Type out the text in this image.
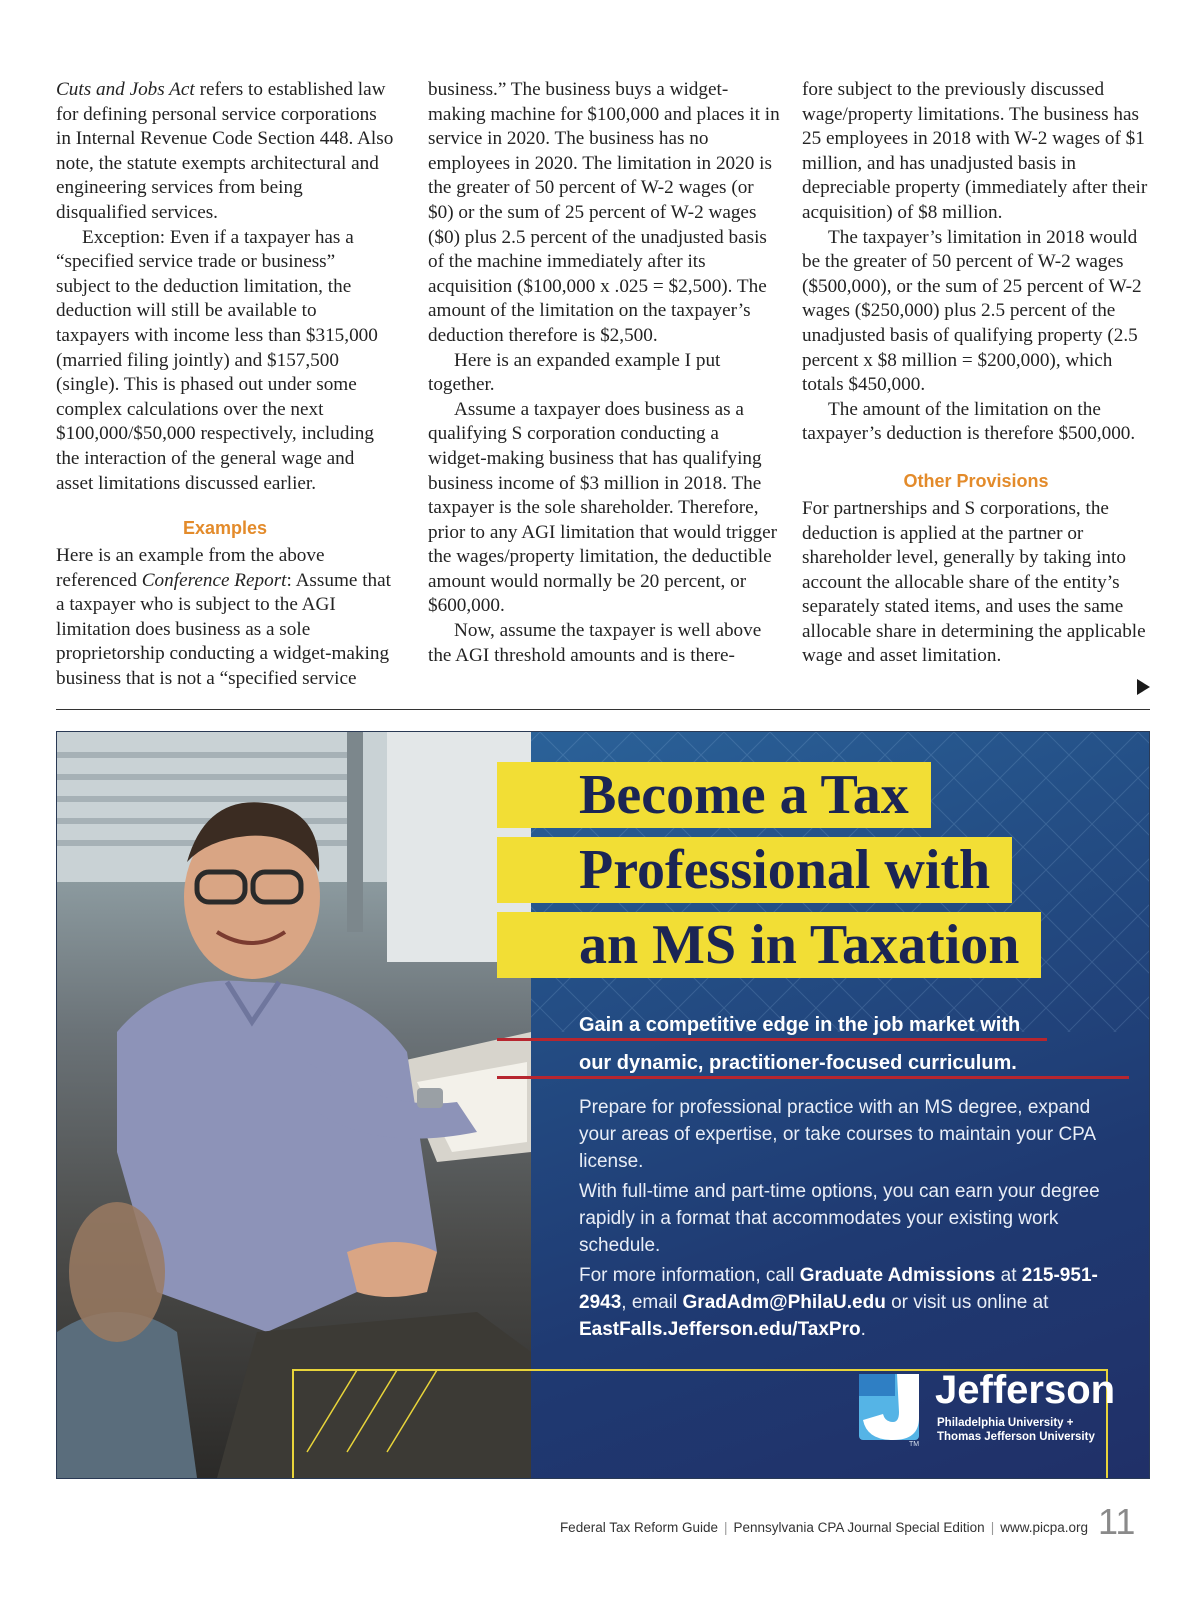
Cuts and Jobs Act refers to established law for defining personal service corporations in Internal Revenue Code Section 448. Also note, the statute exempts architectural and engineering services from being disqualified services.

Exception: Even if a taxpayer has a “specified service trade or business” subject to the deduction limitation, the deduction will still be available to taxpayers with income less than $315,000 (married filing jointly) and $157,500 (single). This is phased out under some complex calculations over the next $100,000/$50,000 respectively, including the interaction of the general wage and asset limitations discussed earlier.

Examples

Here is an example from the above referenced Conference Report: Assume that a taxpayer who is subject to the AGI limitation does business as a sole proprietorship conducting a widget-making business that is not a “specified service

business.” The business buys a widget-making machine for $100,000 and places it in service in 2020. The business has no employees in 2020. The limitation in 2020 is the greater of 50 percent of W-2 wages (or $0) or the sum of 25 percent of W-2 wages ($0) plus 2.5 percent of the unadjusted basis of the machine immediately after its acquisition ($100,000 x .025 = $2,500). The amount of the limitation on the taxpayer’s deduction therefore is $2,500.

Here is an expanded example I put together.

Assume a taxpayer does business as a qualifying S corporation conducting a widget-making business that has qualifying business income of $3 million in 2018. The taxpayer is the sole shareholder. Therefore, prior to any AGI limitation that would trigger the wages/property limitation, the deductible amount would normally be 20 percent, or $600,000.

Now, assume the taxpayer is well above the AGI threshold amounts and is there-

fore subject to the previously discussed wage/property limitations. The business has 25 employees in 2018 with W-2 wages of $1 million, and has unadjusted basis in depreciable property (immediately after their acquisition) of $8 million.

The taxpayer’s limitation in 2018 would be the greater of 50 percent of W-2 wages ($500,000), or the sum of 25 percent of W-2 wages ($250,000) plus 2.5 percent of the unadjusted basis of qualifying property (2.5 percent x $8 million = $200,000), which totals $450,000.

The amount of the limitation on the taxpayer’s deduction is therefore $500,000.

Other Provisions

For partnerships and S corporations, the deduction is applied at the partner or shareholder level, generally by taking into account the allocable share of the entity’s separately stated items, and uses the same allocable share in determining the applicable wage and asset limitation.

Become a Tax
Professional with
an MS in Taxation
Gain a competitive edge in the job market with
our dynamic, practitioner-focused curriculum.

Prepare for professional practice with an MS degree, expand your areas of expertise, or take courses to maintain your CPA license.

With full-time and part-time options, you can earn your degree rapidly in a format that accommodates your existing work schedule.

For more information, call Graduate Admissions at 215-951-2943, email GradAdm@PhilaU.edu or visit us online at EastFalls.Jefferson.edu/TaxPro.

Jefferson
Philadelphia University +
Thomas Jefferson University
TM
Federal Tax Reform Guide | Pennsylvania CPA Journal Special Edition | www.picpa.org 11
